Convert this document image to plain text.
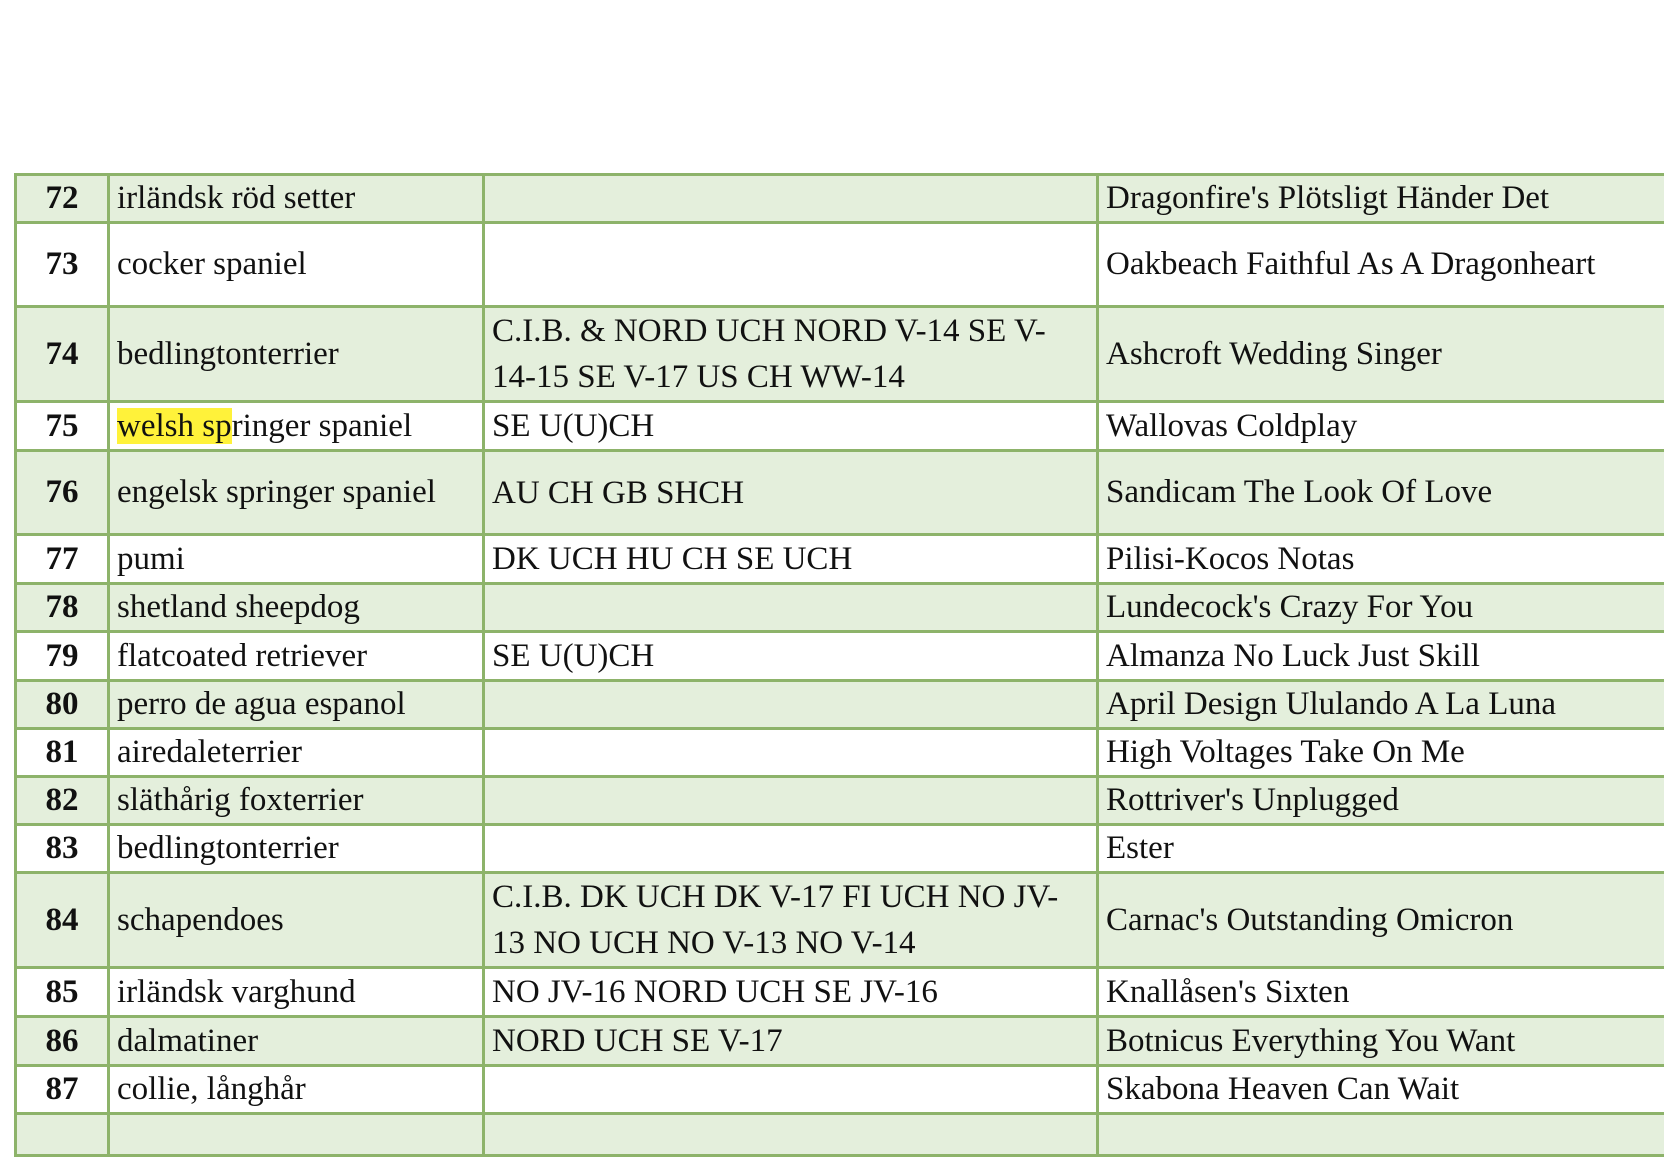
72	irländsk röd setter		Dragonfire's Plötsligt Händer Det
73	cocker spaniel		Oakbeach Faithful As A Dragonheart
74	bedlingtonterrier	C.I.B. & NORD UCH NORD V-14 SE V-14-15 SE V-17 US CH WW-14	Ashcroft Wedding Singer
75	welsh springer spaniel	SE U(U)CH	Wallovas Coldplay
76	engelsk springer spaniel	AU CH GB SHCH	Sandicam The Look Of Love
77	pumi	DK UCH HU CH SE UCH	Pilisi-Kocos Notas
78	shetland sheepdog		Lundecock's Crazy For You
79	flatcoated retriever	SE U(U)CH	Almanza No Luck Just Skill
80	perro de agua espanol		April Design Ululando A La Luna
81	airedaleterrier		High Voltages Take On Me
82	släthårig foxterrier		Rottriver's Unplugged
83	bedlingtonterrier		Ester
84	schapendoes	C.I.B. DK UCH DK V-17 FI UCH NO JV-13 NO UCH NO V-13 NO V-14	Carnac's Outstanding Omicron
85	irländsk varghund	NO JV-16 NORD UCH SE JV-16	Knallåsen's Sixten
86	dalmatiner	NORD UCH SE V-17	Botnicus Everything You Want
87	collie, långhår		Skabona Heaven Can Wait
